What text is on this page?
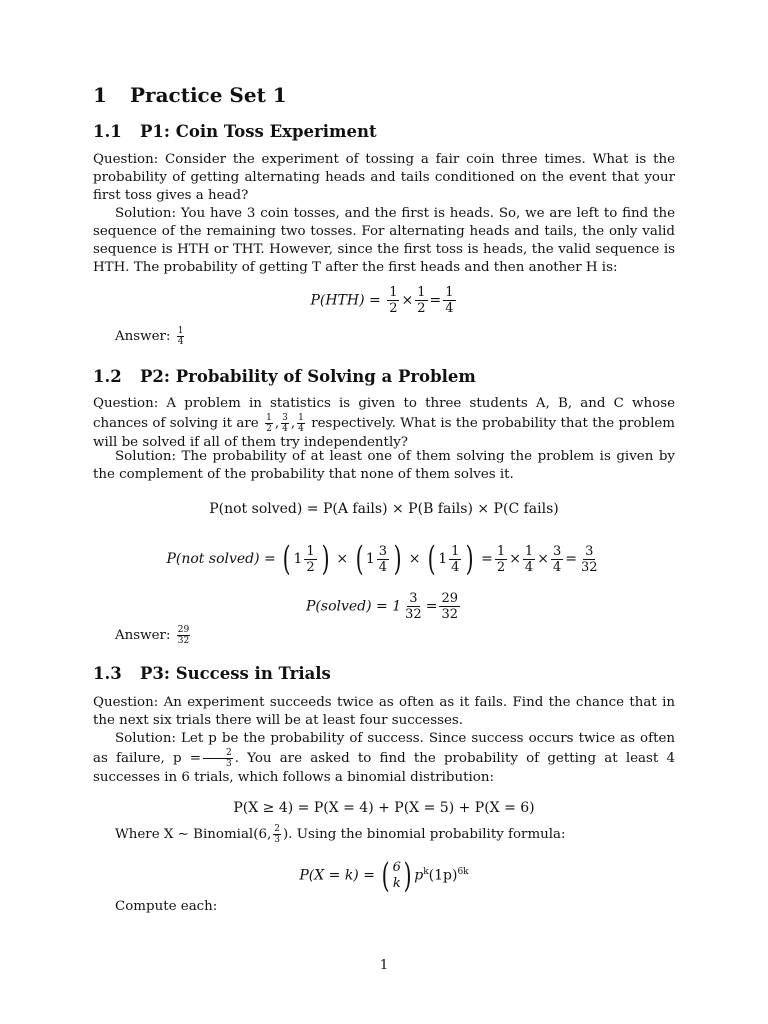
1 Practice Set 1
1.1 P1: Coin Toss Experiment
Question: Consider the experiment of tossing a fair coin three times. What is the probability of getting alternating heads and tails conditioned on the event that your first toss gives a head?
Solution: You have 3 coin tosses, and the first is heads. So, we are left to find the sequence of the remaining two tosses. For alternating heads and tails, the only valid sequence is HTH or THT. However, since the first toss is heads, the valid sequence is HTH. The probability of getting T after the first heads and then another H is:
$P(HTH) = \frac{1}{2} \times \frac{1}{2} = \frac{1}{4}$
Answer: $\frac{1}{4}$
1.2 P2: Probability of Solving a Problem
Question: A problem in statistics is given to three students A, B, and C whose chances of solving it are $\frac{1}{2}$ , $\frac{3}{4}$ , $\frac{1}{4}$ respectively. What is the probability that the problem will be solved if all of them try independently?
Solution: The probability of at least one of them solving the problem is given by the complement of the probability that none of them solves it.
P(not solved) = P(A fails) × P(B fails) × P(C fails)
P(not solved) = ( $1 \frac{1}{2}$ ) × ( $1 \frac{3}{4}$ ) × ( $1 \frac{1}{4}$ ) = $\frac{1}{2} \times \frac{1}{4} \times \frac{3}{4} = \frac{3}{32}$
P(solved) = $1 \frac{3}{32} = \frac{29}{32}$
Answer: $\frac{29}{32}$
1.3 P3: Success in Trials
Question: An experiment succeeds twice as often as it fails. Find the chance that in the next six trials there will be at least four successes.
Solution: Let p be the probability of success. Since success occurs twice as often as failure, $p = \frac{2}{3}$ . You are asked to find the probability of getting at least 4 successes in 6 trials, which follows a binomial distribution:
P(X ≥ 4) = P(X = 4) + P(X = 5) + P(X = 6)
Where X ∼ Binomial(6, $\frac{2}{3}$ ). Using the binomial probability formula:
P(X = k) = ( 6
k ) $p^k(1p)^{6k}$
Compute each:
1
